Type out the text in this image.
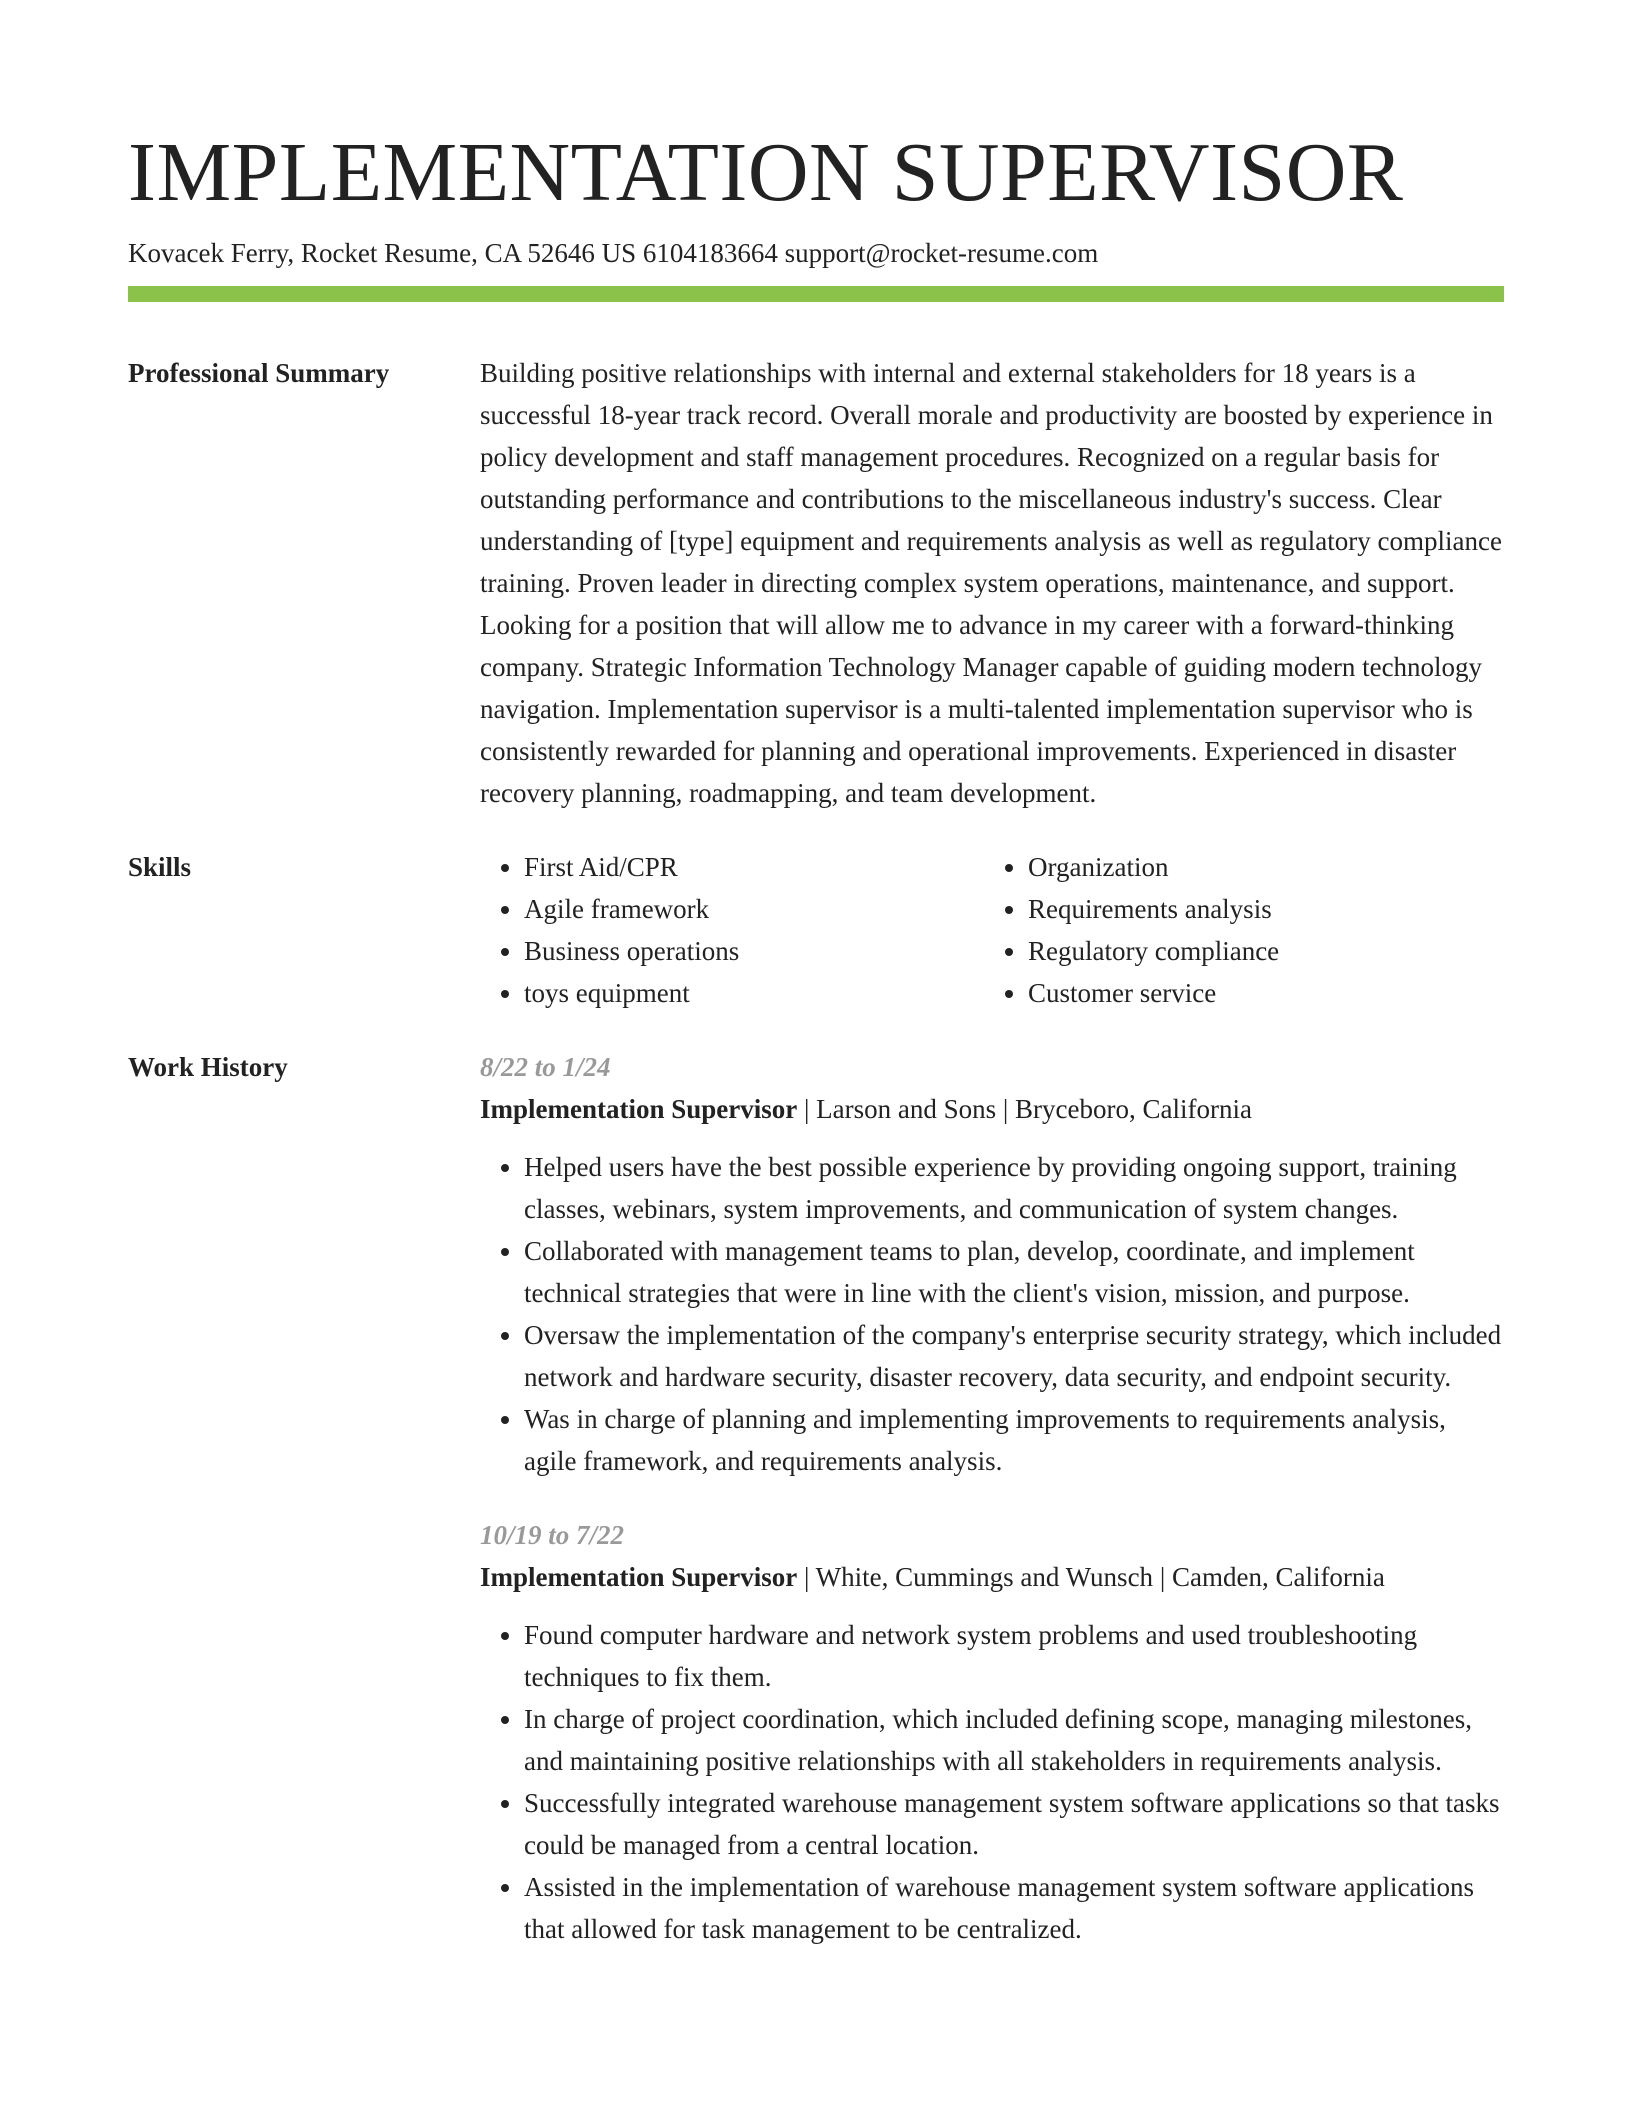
IMPLEMENTATION SUPERVISOR
Kovacek Ferry, Rocket Resume, CA 52646 US 6104183664 support@rocket-resume.com
Professional Summary	Building positive relationships with internal and external stakeholders for 18 years is a successful 18-year track record. Overall morale and productivity are boosted by experience in policy development and staff management procedures. Recognized on a regular basis for outstanding performance and contributions to the miscellaneous industry's success. Clear understanding of [type] equipment and requirements analysis as well as regulatory compliance training. Proven leader in directing complex system operations, maintenance, and support. Looking for a position that will allow me to advance in my career with a forward-thinking company. Strategic Information Technology Manager capable of guiding modern technology navigation. Implementation supervisor is a multi-talented implementation supervisor who is consistently rewarded for planning and operational improvements. Experienced in disaster recovery planning, roadmapping, and team development.

Skills
•	First Aid/CPR
• Agile framework
• Business operations
• toys equipment
• Organization
• Requirements analysis
• Regulatory compliance
• Customer service
Work History	8/22 to 1/24
Implementation Supervisor | Larson and Sons | Bryceboro, California
• Helped users have the best possible experience by providing ongoing support, training classes, webinars, system improvements, and communication of system changes.
• Collaborated with management teams to plan, develop, coordinate, and implement technical strategies that were in line with the client's vision, mission, and purpose.
• Oversaw the implementation of the company's enterprise security strategy, which included network and hardware security, disaster recovery, data security, and endpoint security.
• Was in charge of planning and implementing improvements to requirements analysis, agile framework, and requirements analysis.
10/19 to 7/22
Implementation Supervisor | White, Cummings and Wunsch | Camden, California
• Found computer hardware and network system problems and used troubleshooting techniques to fix them.
• In charge of project coordination, which included defining scope, managing milestones, and maintaining positive relationships with all stakeholders in requirements analysis.
• Successfully integrated warehouse management system software applications so that tasks could be managed from a central location.
• Assisted in the implementation of warehouse management system software applications that allowed for task management to be centralized.
